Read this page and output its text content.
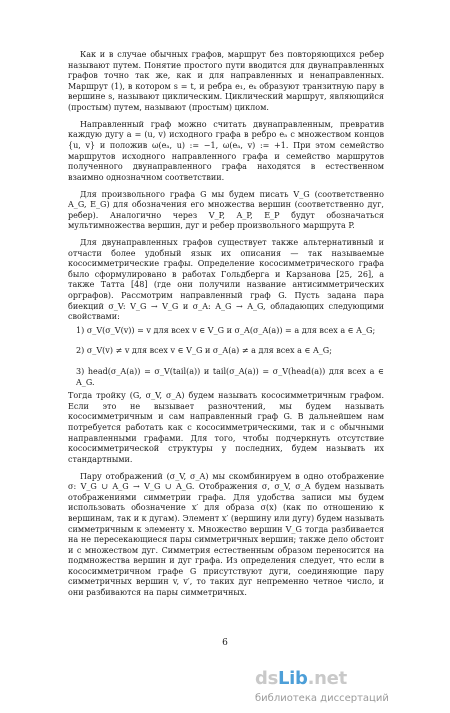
Как и в случае обычных графов, маршрут без повторяющихся ребер называют путем. Понятие простого пути вводится для двунаправленных графов точно так же, как и для направленных и ненаправленных. Маршрут (1), в котором s = t, и ребра e₁, eₖ образуют транзитную пару в вершине s, называют циклическим. Циклический маршрут, являющийся (простым) путем, называют (простым) циклом.

Направленный граф можно считать двунаправленным, превратив каждую дугу a = (u, v) исходного графа в ребро eₐ с множеством концов {u, v} и положив ω(eₐ, u) := −1, ω(eₐ, v) := +1. При этом семейство маршрутов исходного направленного графа и семейство маршрутов полученного двунаправленного графа находятся в естественном взаимно однозначном соответствии.

Для произвольного графа G мы будем писать V_G (соответственно A_G, E_G) для обозначения его множества вершин (соответственно дуг, ребер). Аналогично через V_P, A_P, E_P будут обозначаться мультимножества вершин, дуг и ребер произвольного маршрута P.

Для двунаправленных графов существует также альтернативный и отчасти более удобный язык их описания — так называемые кососимметрические графы. Определение кососимметрического графа было сформулировано в работах Гольдберга и Карзанова [25, 26], а также Татта [48] (где они получили название антисимметрических орграфов). Рассмотрим направленный граф G. Пусть задана пара биекций σ_V: V_G → V_G и σ_A: A_G → A_G, обладающих следующими свойствами:

1) σ_V(σ_V(v)) = v для всех v ∈ V_G и σ_A(σ_A(a)) = a для всех a ∈ A_G;
2) σ_V(v) ≠ v для всех v ∈ V_G и σ_A(a) ≠ a для всех a ∈ A_G;
3) head(σ_A(a)) = σ_V(tail(a)) и tail(σ_A(a)) = σ_V(head(a)) для всех a ∈ A_G.

Тогда тройку (G, σ_V, σ_A) будем называть кососимметричным графом. Если это не вызывает разночтений, мы будем называть кососимметричным и сам направленный граф G. В дальнейшем нам потребуется работать как с кососимметрическими, так и с обычными направленными графами. Для того, чтобы подчеркнуть отсутствие кососимметрической структуры у последних, будем называть их стандартными.

Пару отображений (σ_V, σ_A) мы скомбинируем в одно отображение σ: V_G ∪ A_G → V_G ∪ A_G. Отображения σ, σ_V, σ_A будем называть отображениями симметрии графа. Для удобства записи мы будем использовать обозначение x′ для образа σ(x) (как по отношению к вершинам, так и к дугам). Элемент x′ (вершину или дугу) будем называть симметричным к элементу x. Множество вершин V_G тогда разбивается на не пересекающиеся пары симметричных вершин; также дело обстоит и с множеством дуг. Симметрия естественным образом переносится на подмножества вершин и дуг графа. Из определения следует, что если в кососимметричном графе G присутствуют дуги, соединяющие пару симметричных вершин v, v′, то таких дуг непременно четное число, и они разбиваются на пары симметричных.

6
dsLib.net
библиотека диссертаций
